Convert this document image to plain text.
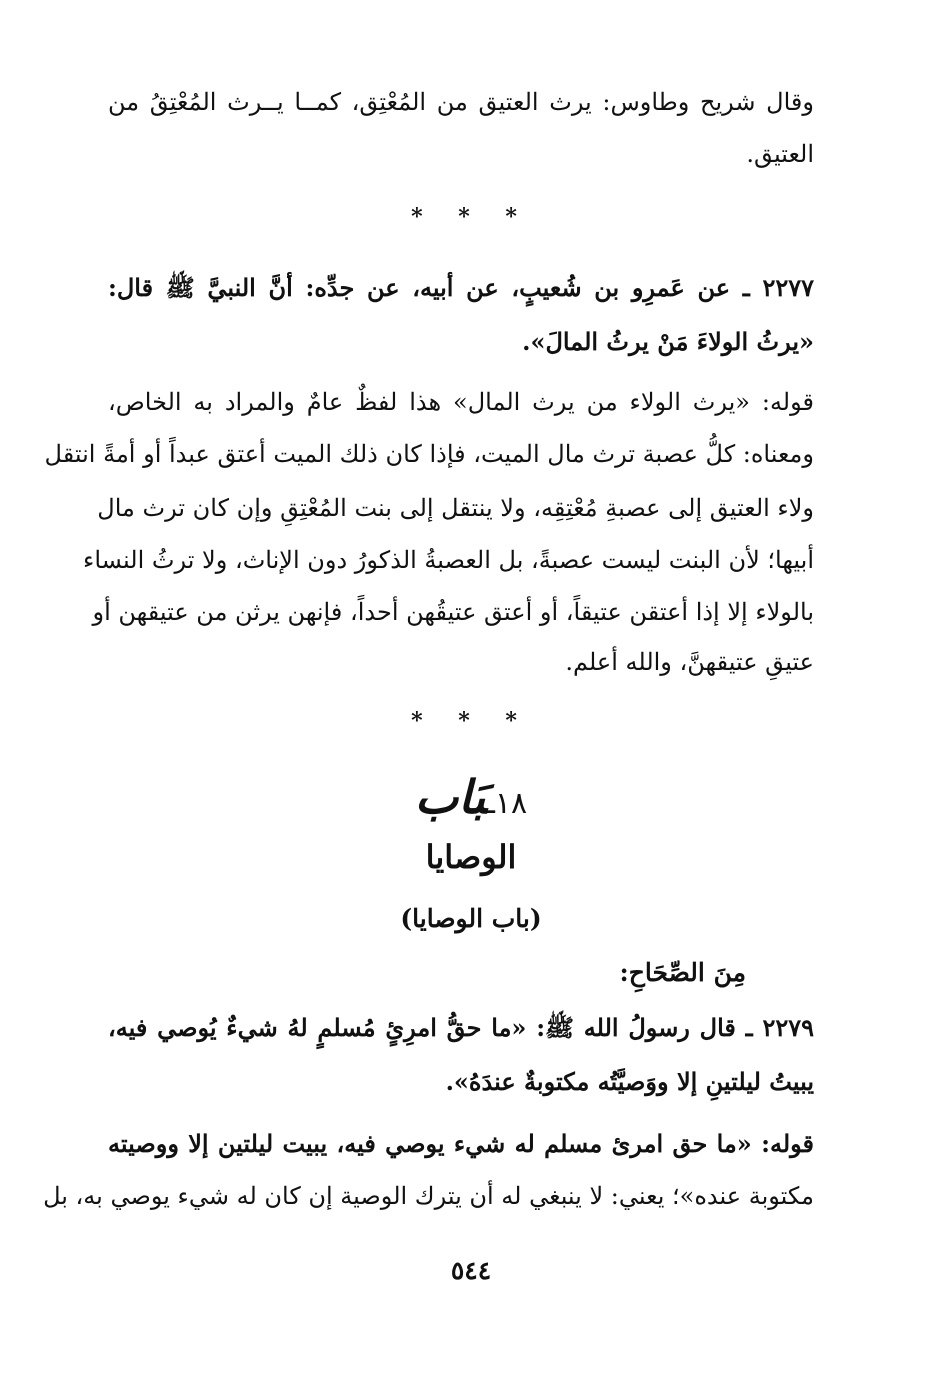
وقال شريح وطاوس: يرث العتيق من المُعْتِق، كمــا يــرث المُعْتِقُ من
العتيق.
* * *
٢٢٧٧ ـ عن عَمرِو بن شُعيبٍ، عن أبيه، عن جدِّه: أنَّ النبيَّ ﷺ قال:
«يرثُ الولاءَ مَنْ يرثُ المالَ».
قوله: «يرث الولاء من يرث المال» هذا لفظٌ عامٌ والمراد به الخاص،
ومعناه: كلُّ عصبة ترث مال الميت، فإذا كان ذلك الميت أعتق عبداً أو أمةً انتقل
ولاء العتيق إلى عصبةِ مُعْتِقِه، ولا ينتقل إلى بنت المُعْتِقِ وإن كان ترث مال
أبيها؛ لأن البنت ليست عصبةً، بل العصبةُ الذكورُ دون الإناث، ولا ترثُ النساء
بالولاء إلا إذا أعتقن عتيقاً، أو أعتق عتيقُهن أحداً، فإنهن يرثن من عتيقهن أو
عتيقِ عتيقهنَّ، والله أعلم.
* * *
١٨ـبَاب
الوصايا
(باب الوصايا)
مِنَ الصِّحَاحِ:
٢٢٧٩ ـ قال رسولُ الله ﷺ: «ما حقُّ امرِئٍ مُسلمٍ لهُ شيءٌ يُوصي فيه،
يبيتُ ليلتينِ إلا ووَصيَّتُه مكتوبةٌ عندَهُ».
قوله: «ما حق امرئ مسلم له شيء يوصي فيه، يبيت ليلتين إلا ووصيته
مكتوبة عنده»؛ يعني: لا ينبغي له أن يترك الوصية إن كان له شيء يوصي به، بل
٥٤٤
